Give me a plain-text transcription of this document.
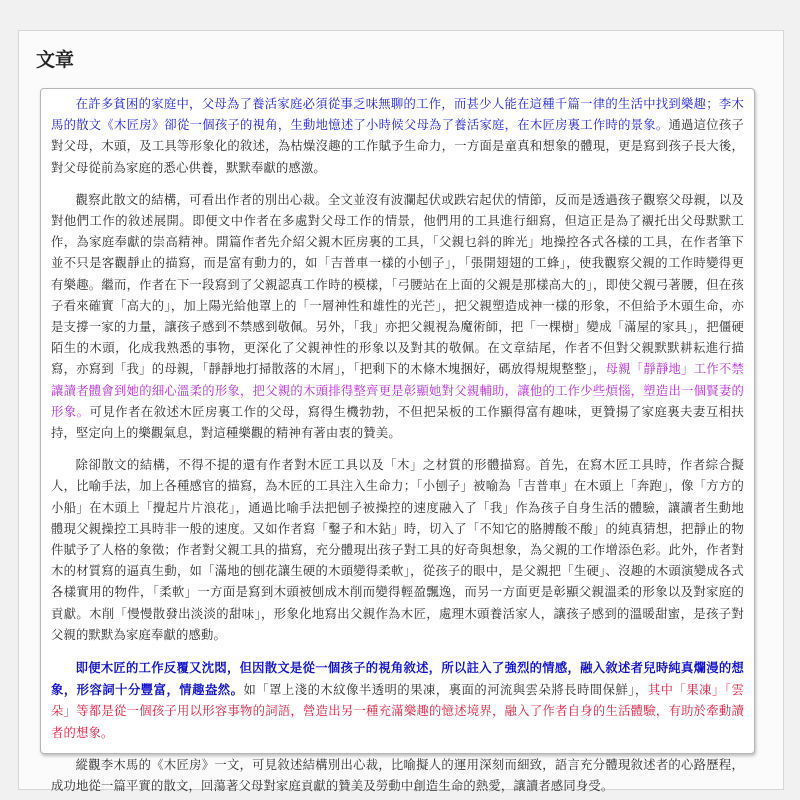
文章

在許多貧困的家庭中，父母為了養活家庭必須從事乏味無聊的工作，而甚少人能在這種千篇一律的生活中找到樂趣；李木馬的散文《木匠房》卻從一個孩子的視角，生動地憶述了小時候父母為了養活家庭，在木匠房裏工作時的景象。通過這位孩子對父母，木頭，及工具等形象化的敘述，為枯燥沒趣的工作賦予生命力，一方面是童真和想象的體現，更是寫到孩子長大後，對父母從前為家庭的悉心供養，默默奉獻的感激。

觀察此散文的結構，可看出作者的別出心裁。全文並沒有波瀾起伏或跌宕起伏的情節，反而是透過孩子觀察父母親，以及對他們工作的敘述展開。即便文中作者在多處對父母工作的情景，他們用的工具進行細寫，但這正是為了襯托出父母默默工作，為家庭奉獻的崇高精神。開篇作者先介紹父親木匠房裏的工具，「父親乜斜的眸光」地操控各式各樣的工具，在作者筆下並不只是客觀靜止的描寫，而是富有動力的，如「吉普車一樣的小刨子」，「張開翅翅的工蜂」，使我觀察父親的工作時變得更有樂趣。繼而，作者在下一段寫到了父親認真工作時的模樣，「弓腰站在上面的父親是那樣高大的」，即使父親弓著腰，但在孩子看來確實「高大的」，加上陽光給他罩上的「一層神性和雄性的光芒」，把父親塑造成神一樣的形象，不但給予木頭生命，亦是支撐一家的力量，讓孩子感到不禁感到敬佩。另外，「我」亦把父親視為魔術師，把「一棵樹」變成「滿屋的家具」，把僵硬陌生的木頭，化成我熟悉的事物，更深化了父親神性的形象以及對其的敬佩。在文章結尾，作者不但對父親默默耕耘進行描寫，亦寫到「我」的母親，「靜靜地打掃散落的木屑」，「把剩下的木條木塊捆好，碼放得規規整整」，母親「靜靜地」工作不禁讓讀者體會到她的細心溫柔的形象，把父親的木頭排得整齊更是彰顯她對父親輔助，讓他的工作少些煩惱，塑造出一個賢妻的形象。可見作者在敘述木匠房裏工作的父母，寫得生機勃勃，不但把呆板的工作顯得富有趣味，更贊揚了家庭裏夫妻互相扶持，堅定向上的樂觀氣息，對這種樂觀的精神有著由衷的贊美。

除卻散文的結構，不得不提的還有作者對木匠工具以及「木」之材質的形體描寫。首先，在寫木匠工具時，作者綜合擬人，比喻手法，加上各種感官的描寫，為木匠的工具注入生命力；「小刨子」被喻為「吉普車」在木頭上「奔跑」，像「方方的小船」在木頭上「攪起片片浪花」，通過比喻手法把刨子被操控的速度融入了「我」作為孩子自身生活的體驗，讓讀者生動地體現父親操控工具時非一般的速度。又如作者寫「鑿子和木鉆」時，切入了「不知它的胳膊酸不酸」的純真猜想，把靜止的物件賦予了人格的象徵；作者對父親工具的描寫，充分體現出孩子對工具的好奇與想象，為父親的工作增添色彩。此外，作者對木的材質寫的逼真生動，如「滿地的刨花讓生硬的木頭變得柔軟」，從孩子的眼中，是父親把「生硬」、沒趣的木頭演變成各式各樣實用的物件，「柔軟」一方面是寫到木頭被刨成木削而變得輕盈飄逸，而另一方面更是彰顯父親溫柔的形象以及對家庭的貢獻。木削「慢慢散發出淡淡的甜味」，形象化地寫出父親作為木匠，處理木頭養活家人，讓孩子感到的溫暖甜蜜，是孩子對父親的默默為家庭奉獻的感動。

即便木匠的工作反覆又沈悶，但因散文是從一個孩子的視角敘述，所以註入了強烈的情感，融入敘述者兒時純真爛漫的想象，形容詞十分豐富，情趣盎然。如「罩上淺的木紋像半透明的果凍，裏面的河流與雲朵將長時間保鮮」，其中「果凍」「雲朵」等都是從一個孩子用以形容事物的詞語，營造出另一種充滿樂趣的憶述境界，融入了作者自身的生活體驗，有助於牽動讀者的想象。

縱觀李木馬的《木匠房》一文，可見敘述結構別出心裁，比喻擬人的運用深刻而細致，語言充分體現敘述者的心路歷程，成功地從一篇平實的散文，回蕩著父母對家庭貢獻的贊美及勞動中創造生命的熱愛，讓讀者感同身受。
